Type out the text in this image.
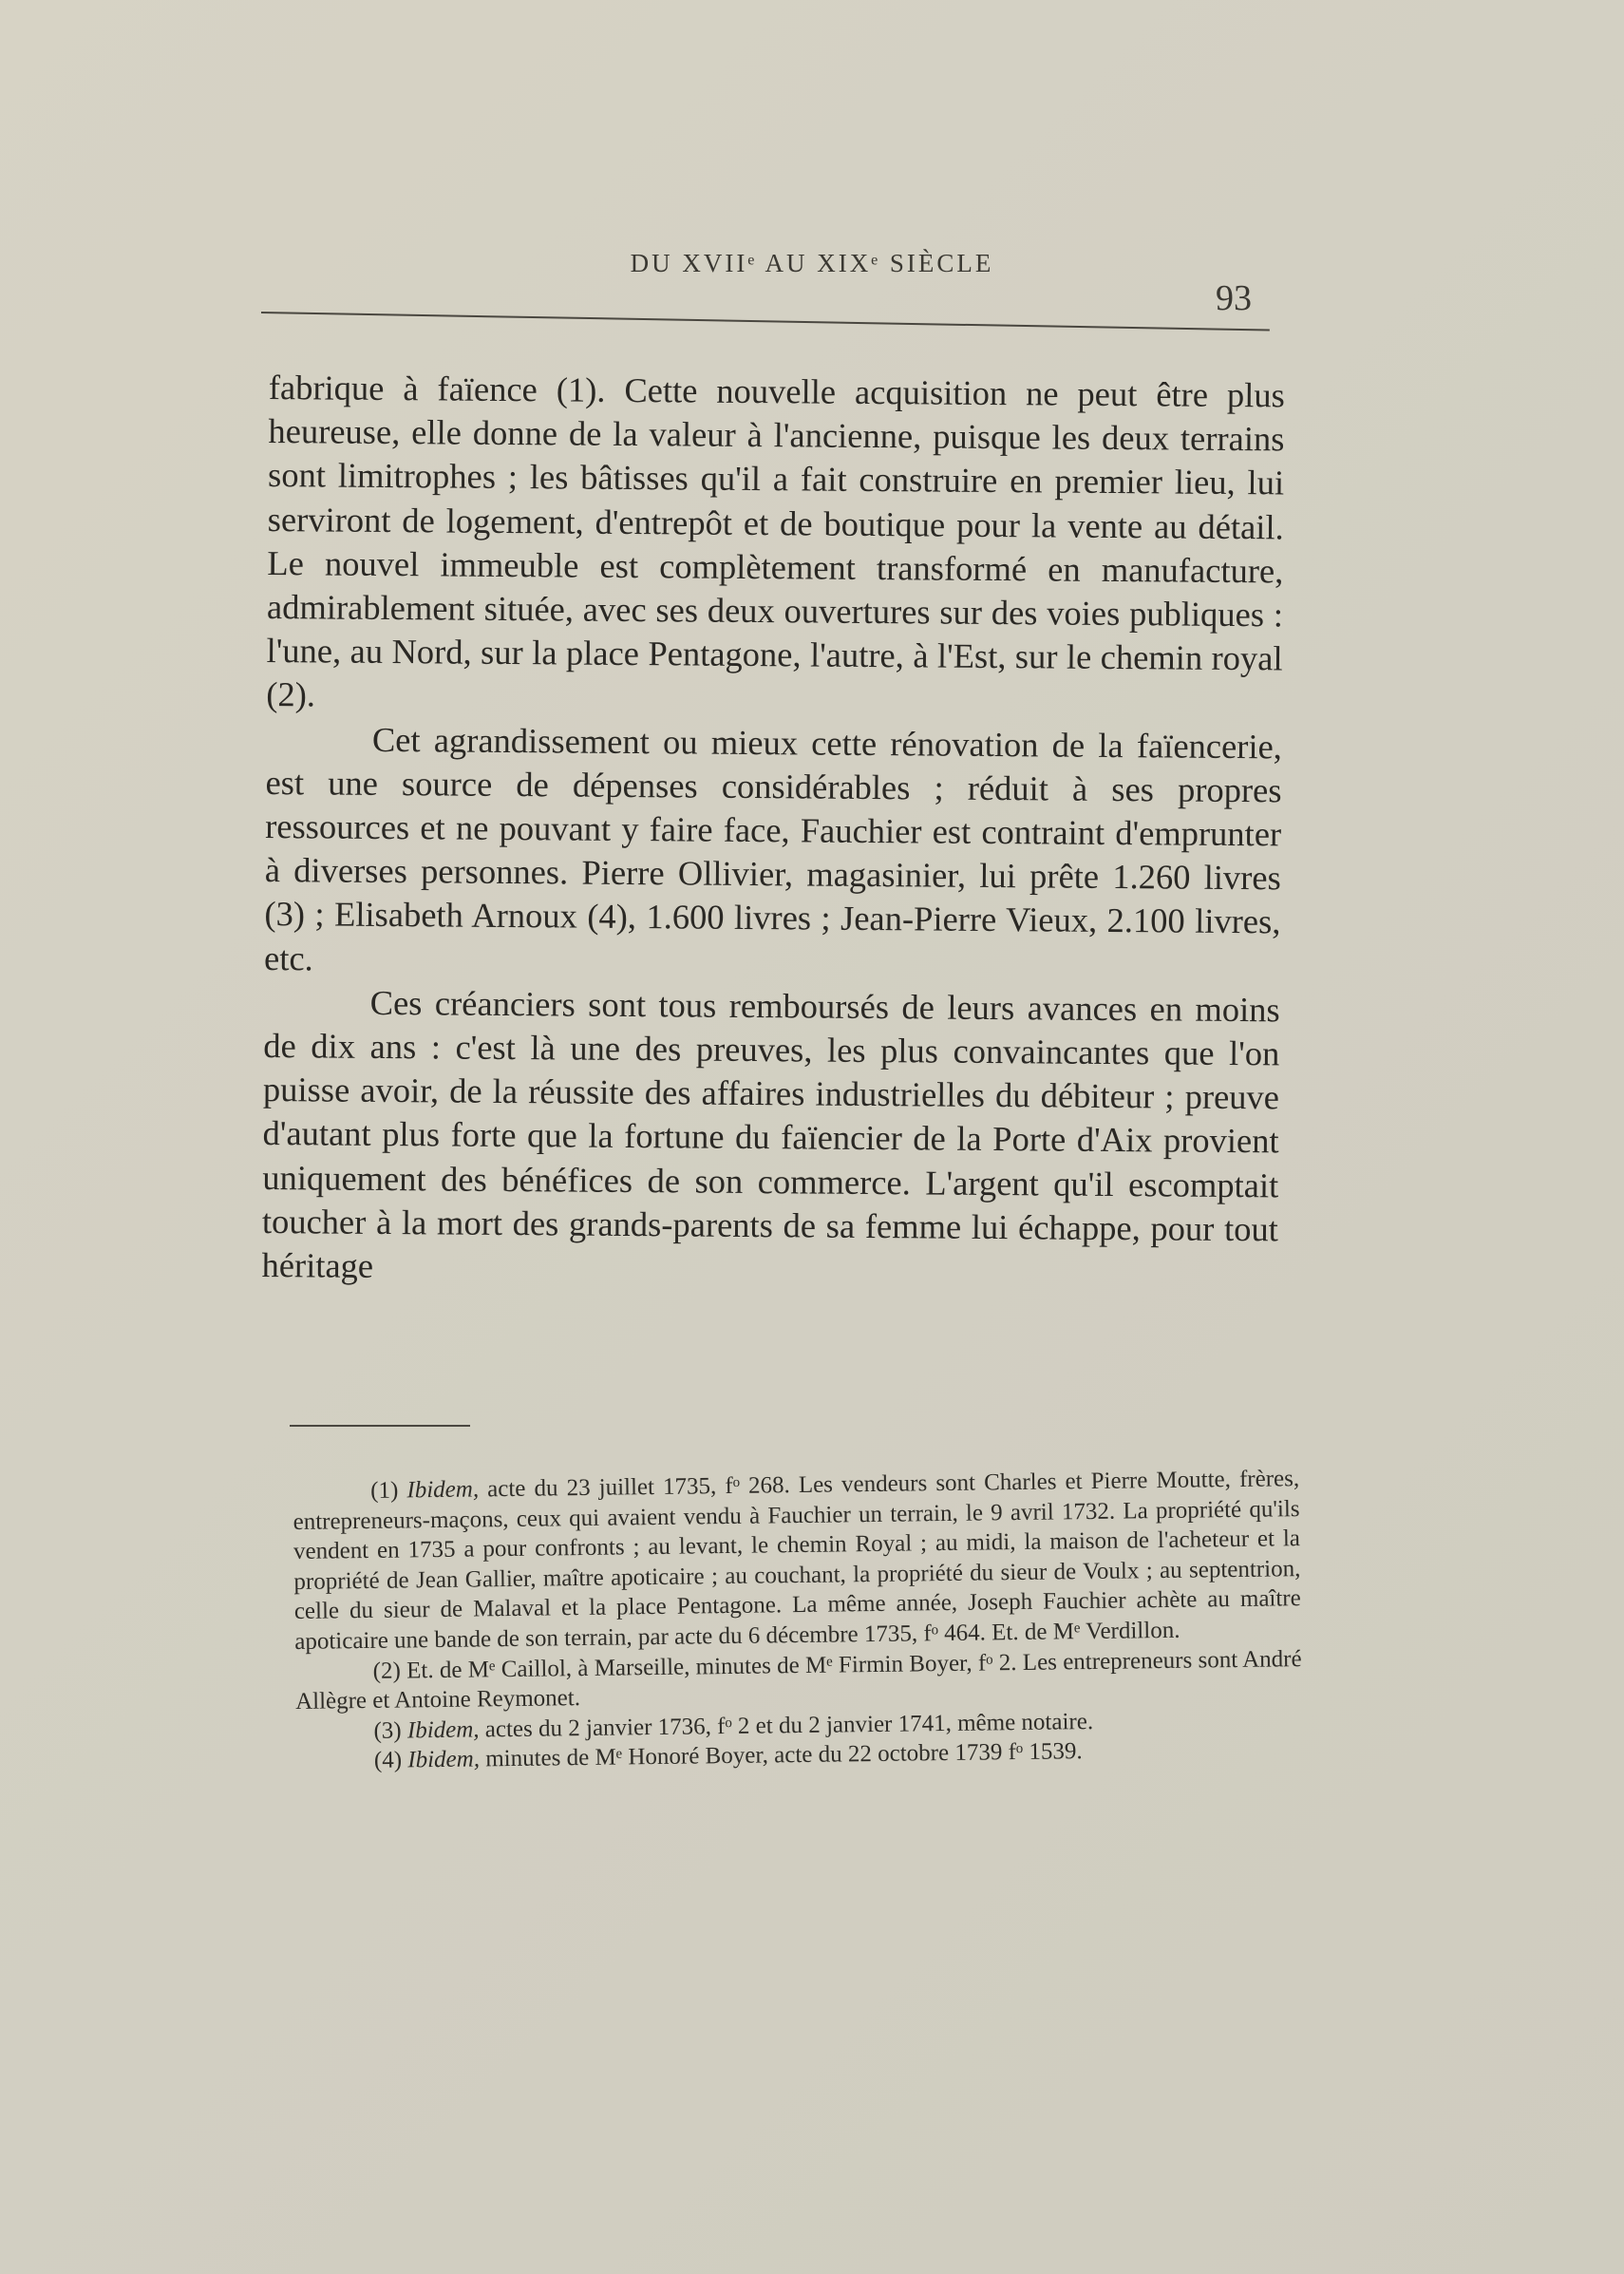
DU XVIIᵉ AU XIXᵉ SIÈCLE
93

fabrique à faïence (1). Cette nouvelle acquisition ne peut être plus heureuse, elle donne de la valeur à l'ancienne, puisque les deux terrains sont limitrophes ; les bâtisses qu'il a fait construire en premier lieu, lui serviront de logement, d'entrepôt et de boutique pour la vente au détail. Le nouvel immeuble est complètement transformé en manufacture, admirablement située, avec ses deux ouvertures sur des voies publiques : l'une, au Nord, sur la place Pentagone, l'autre, à l'Est, sur le chemin royal (2).

Cet agrandissement ou mieux cette rénovation de la faïencerie, est une source de dépenses considérables ; réduit à ses propres ressources et ne pouvant y faire face, Fauchier est contraint d'emprunter à diverses personnes. Pierre Ollivier, magasinier, lui prête 1.260 livres (3) ; Elisabeth Arnoux (4), 1.600 livres ; Jean-Pierre Vieux, 2.100 livres, etc.

Ces créanciers sont tous remboursés de leurs avances en moins de dix ans : c'est là une des preuves, les plus convaincantes que l'on puisse avoir, de la réussite des affaires industrielles du débiteur ; preuve d'autant plus forte que la fortune du faïencier de la Porte d'Aix provient uniquement des bénéfices de son commerce. L'argent qu'il escomptait toucher à la mort des grands-parents de sa femme lui échappe, pour tout héritage

(1) Ibidem, acte du 23 juillet 1735, fᵒ 268. Les vendeurs sont Charles et Pierre Moutte, frères, entrepreneurs-maçons, ceux qui avaient vendu à Fauchier un terrain, le 9 avril 1732. La propriété qu'ils vendent en 1735 a pour confronts ; au levant, le chemin Royal ; au midi, la maison de l'acheteur et la propriété de Jean Gallier, maître apoticaire ; au couchant, la propriété du sieur de Voulx ; au septentrion, celle du sieur de Malaval et la place Pentagone. La même année, Joseph Fauchier achète au maître apoticaire une bande de son terrain, par acte du 6 décembre 1735, fᵒ 464. Et. de Mᵉ Verdillon.

(2) Et. de Mᵉ Caillol, à Marseille, minutes de Mᵉ Firmin Boyer, fᵒ 2. Les entrepreneurs sont André Allègre et Antoine Reymonet.

(3) Ibidem, actes du 2 janvier 1736, fᵒ 2 et du 2 janvier 1741, même notaire.

(4) Ibidem, minutes de Mᵉ Honoré Boyer, acte du 22 octobre 1739 fᵒ 1539.
